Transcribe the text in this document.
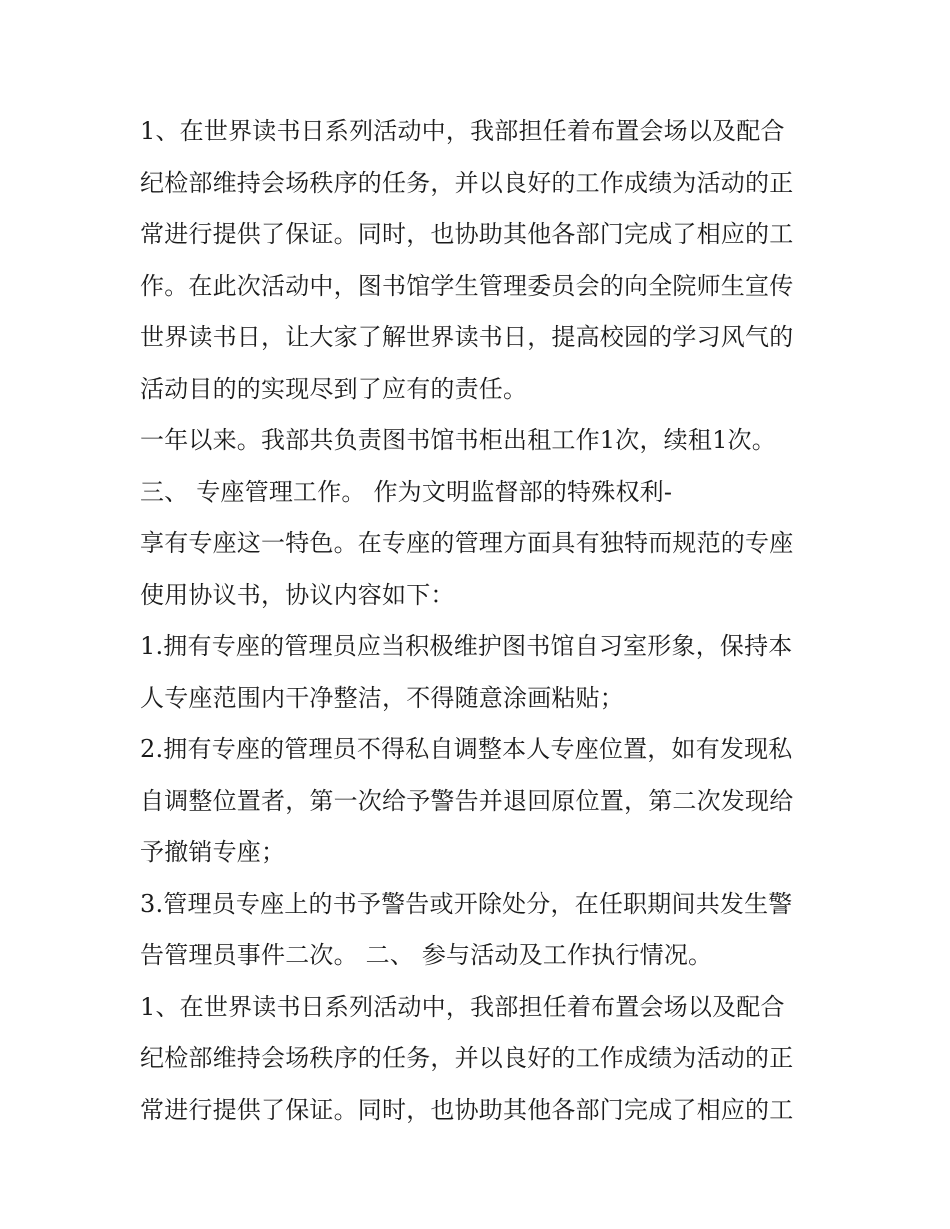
1、在世界读书日系列活动中，我部担任着布置会场以及配合
纪检部维持会场秩序的任务，并以良好的工作成绩为活动的正
常进行提供了保证。同时，也协助其他各部门完成了相应的工
作。在此次活动中，图书馆学生管理委员会的向全院师生宣传
世界读书日，让大家了解世界读书日，提高校园的学习风气的
活动目的的实现尽到了应有的责任。
一年以来。我部共负责图书馆书柜出租工作1次，续租1次。
三、 专座管理工作。 作为文明监督部的特殊权利-
享有专座这一特色。在专座的管理方面具有独特而规范的专座
使用协议书，协议内容如下：
1.拥有专座的管理员应当积极维护图书馆自习室形象，保持本
人专座范围内干净整洁，不得随意涂画粘贴；
2.拥有专座的管理员不得私自调整本人专座位置，如有发现私
自调整位置者，第一次给予警告并退回原位置，第二次发现给
予撤销专座；
3.管理员专座上的书予警告或开除处分，在任职期间共发生警
告管理员事件二次。 二、 参与活动及工作执行情况。
1、在世界读书日系列活动中，我部担任着布置会场以及配合
纪检部维持会场秩序的任务，并以良好的工作成绩为活动的正
常进行提供了保证。同时，也协助其他各部门完成了相应的工
